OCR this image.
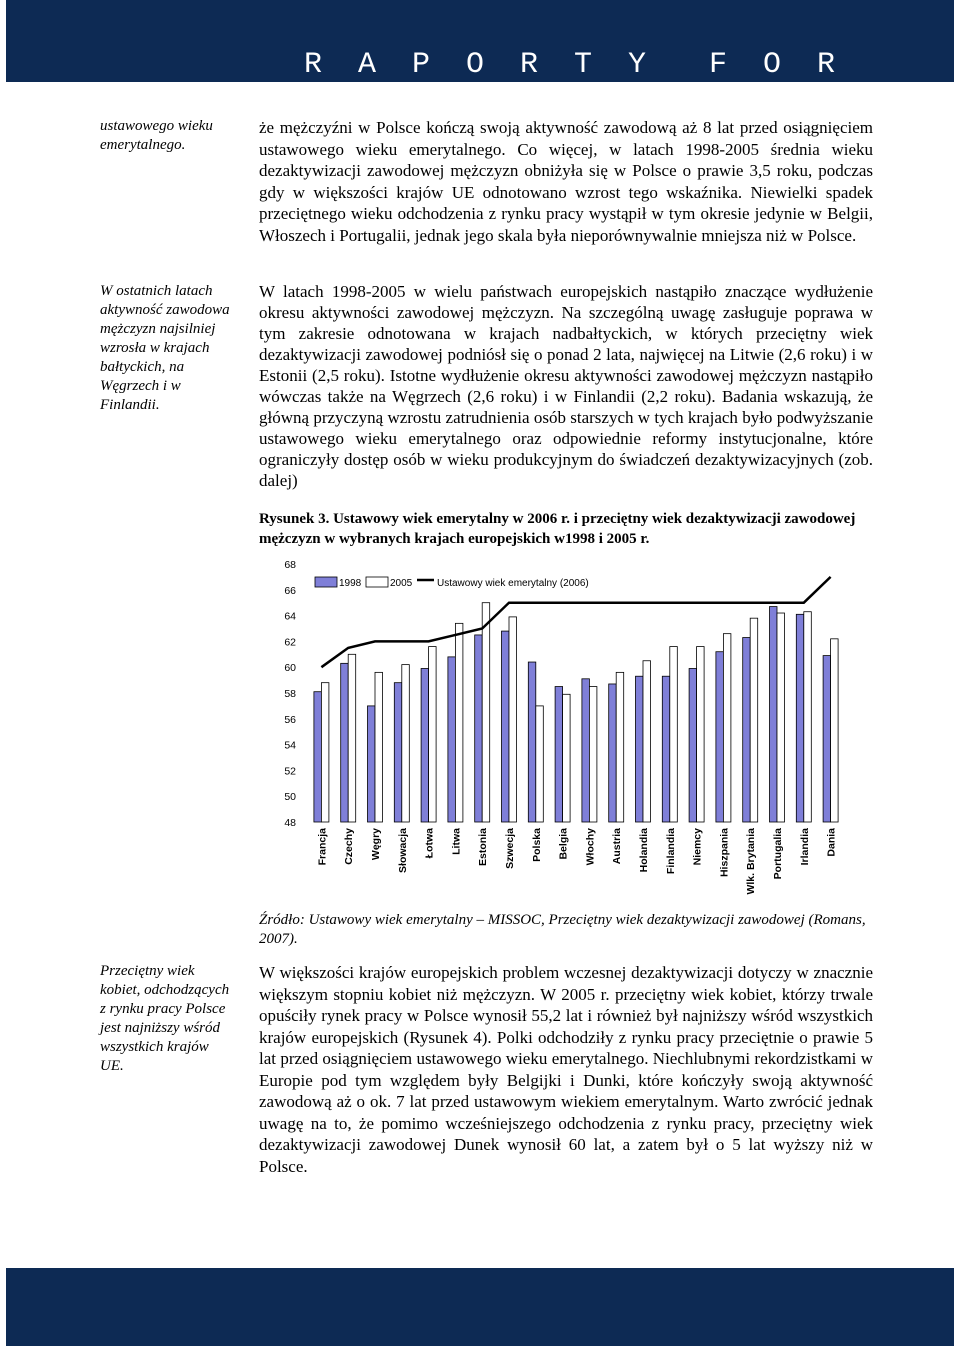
R A P O R T Y  F O R
ustawowego wieku emerytalnego.
W ostatnich latach aktywność zawodowa mężczyzn najsilniej wzrosła w krajach bałtyckich, na Węgrzech i w Finlandii.
Przeciętny wiek kobiet, odchodzących z rynku pracy Polsce jest najniższy wśród wszystkich krajów UE.

że mężczyźni w Polsce kończą swoją aktywność zawodową aż 8 lat przed osiągnięciem ustawowego wieku emerytalnego. Co więcej, w latach 1998-2005 średnia wieku dezaktywizacji zawodowej mężczyzn obniżyła się w Polsce o prawie 3,5 roku, podczas gdy w większości krajów UE odnotowano wzrost tego wskaźnika. Niewielki spadek przeciętnego wieku odchodzenia z rynku pracy wystąpił w tym okresie jedynie w Belgii, Włoszech i Portugalii, jednak jego skala była nieporównywalnie mniejsza niż w Polsce.

W latach 1998-2005 w wielu państwach europejskich nastąpiło znaczące wydłużenie okresu aktywności zawodowej mężczyzn. Na szczególną uwagę zasługuje poprawa w tym zakresie odnotowana w krajach nadbałtyckich, w których przeciętny wiek dezaktywizacji zawodowej podniósł się o ponad 2 lata, najwięcej na Litwie (2,6 roku) i w Estonii (2,5 roku). Istotne wydłużenie okresu aktywności zawodowej mężczyzn nastąpiło wówczas także na Węgrzech (2,6 roku) i w Finlandii (2,2 roku). Badania wskazują, że główną przyczyną wzrostu zatrudnienia osób starszych w tych krajach było podwyższanie ustawowego wieku emerytalnego oraz odpowiednie reformy instytucjonalne, które ograniczyły dostęp osób w wieku produkcyjnym do świadczeń dezaktywizacyjnych (zob. dalej)

Rysunek 3. Ustawowy wiek emerytalny w 2006 r. i przeciętny wiek dezaktywizacji zawodowej mężczyzn w wybranych krajach europejskich w1998 i 2005 r.

48
50
52
54
56
58
60
62
64
66
68
Francja Czechy Węgry Słowacja Łotwa Litwa Estonia Szwecja Polska Belgia Włochy Austria Holandia Finlandia Niemcy Hiszpania Wlk. Brytania Portugalia Irlandia Dania
1998	2005 Ustawowy wiek emerytalny (2006)

Źródło: Ustawowy wiek emerytalny – MISSOC, Przeciętny wiek dezaktywizacji zawodowej (Romans, 2007).

W większości krajów europejskich problem wczesnej dezaktywizacji dotyczy w znacznie większym stopniu kobiet niż mężczyzn. W 2005 r. przeciętny wiek kobiet, którzy trwale opuściły rynek pracy w Polsce wynosił 55,2 lat i również był najniższy wśród wszystkich krajów europejskich (Rysunek 4). Polki odchodziły z rynku pracy przeciętnie o prawie 5 lat przed osiągnięciem ustawowego wieku emerytalnego. Niechlubnymi rekordzistkami w Europie pod tym względem były Belgijki i Dunki, które kończyły swoją aktywność zawodową aż o ok. 7 lat przed ustawowym wiekiem emerytalnym. Warto zwrócić jednak uwagę na to, że pomimo wcześniejszego odchodzenia z rynku pracy, przeciętny wiek dezaktywizacji zawodowej Dunek wynosił 60 lat, a zatem był o 5 lat wyższy niż w Polsce.
